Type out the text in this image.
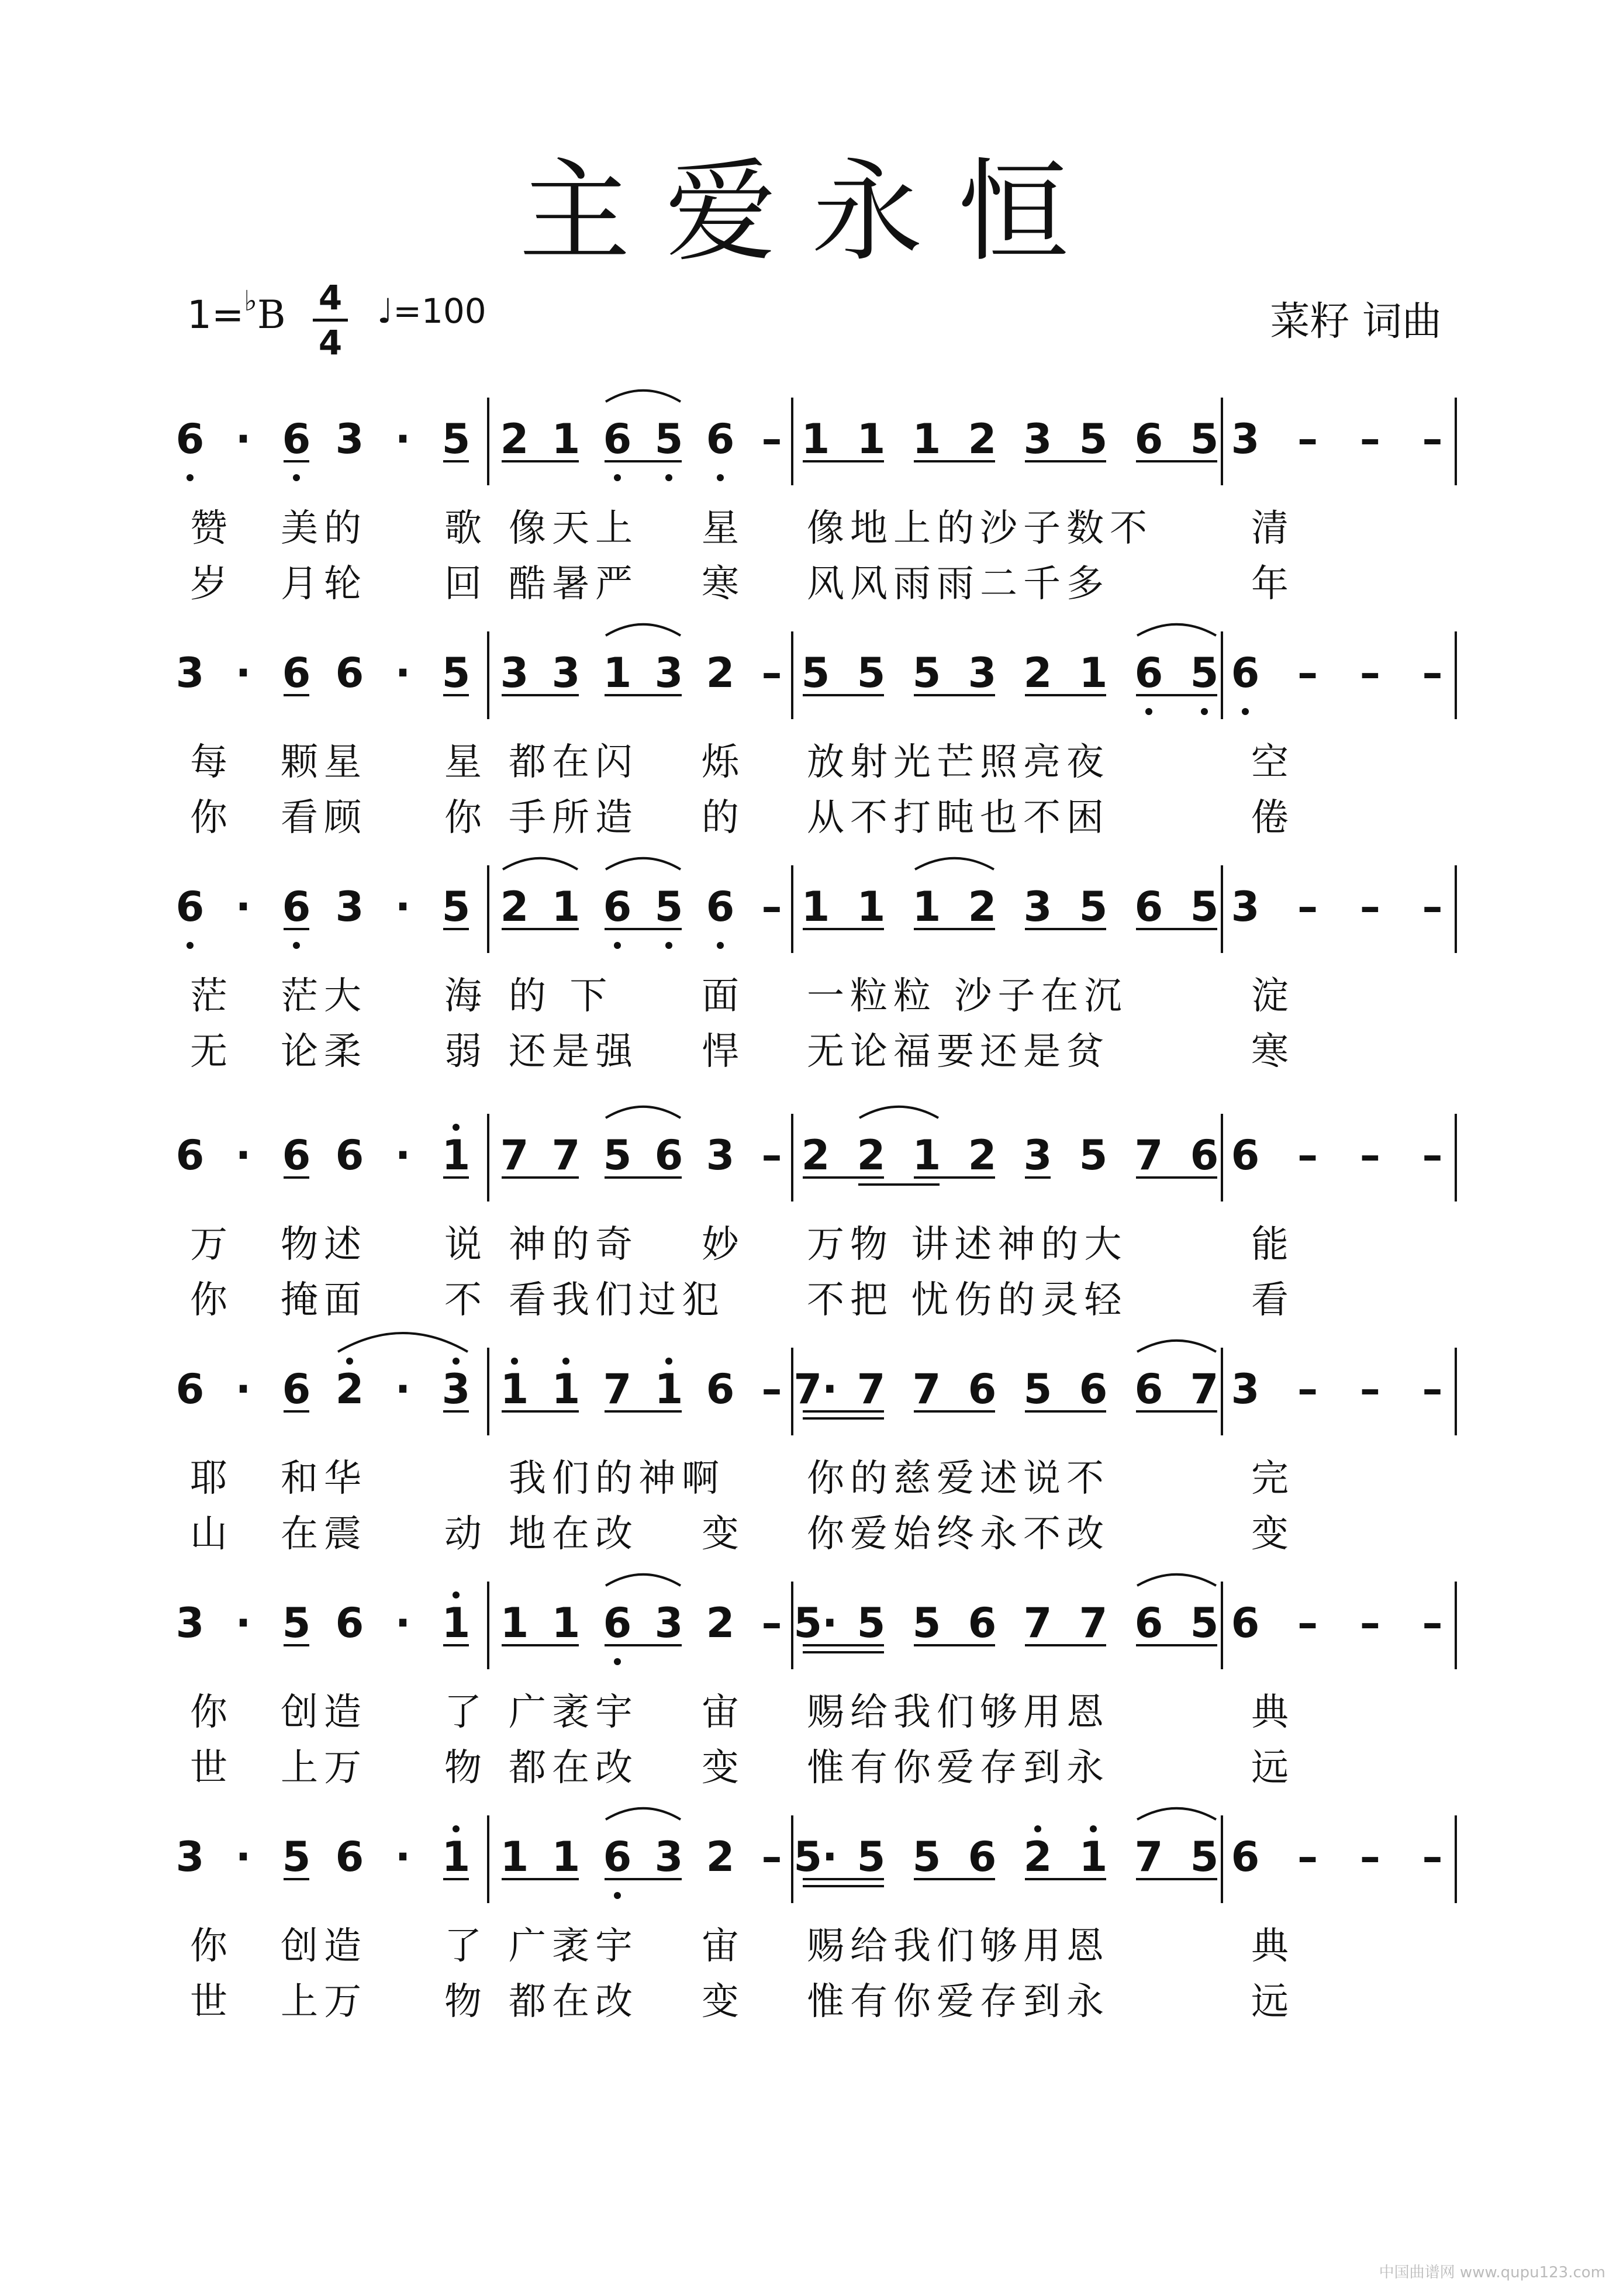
主爱永恒
1=♭B 4
4
♩=100	菜籽 词曲
6 · 6 3 · 5 2 1 6 5 6 – 1 1 1 2 3 5 6 5 3 – – –
赞 美的 歌 像天上 星 像地上的沙子数不	清
岁 月轮 回 酷暑严 寒 风风雨雨二千多	年
3 · 6 6 · 5 3 3 1 3 2 – 5 5 5 3 2 1 6 5 6 – – –
每 颗星 星 都在闪 烁 放射光芒照亮夜	空
你 看顾 你 手所造 的 从不打盹也不困	倦
6 · 6 3 · 5 2 1 6 5 6 – 1 1 1 2 3 5 6 5 3 – – –
茫 茫大 海 的 下 面 一粒粒 沙子在沉	淀
无 论柔 弱 还是强 悍 无论福要还是贫	寒
6 · 6 6 · 1 7 7 5 6 3 – 2 2 1 2 3 5 7 6 6 – – –
万 物述 说 神的奇 妙 万物 讲述神的大	能
你 掩面 不 看我们过犯 不把 忧伤的灵轻	看
6 · 6 2 · 3 1 1 7 1 6 – 7· 7 7 6 5 6 6 7 3 – – –
耶 和华	我们的神啊 你的慈爱述说不	完
山 在震 动 地在改 变 你爱始终永不改	变
3 · 5 6 · 1 1 1 6 3 2 – 5· 5 5 6 7 7 6 5 6 – – –
你 创造 了 广袤宇 宙 赐给我们够用恩	典
世 上万 物 都在改 变 惟有你爱存到永	远
3 · 5 6 · 1 1 1 6 3 2 – 5· 5 5 6 2 1 7 5 6 – – –
你 创造 了 广袤宇 宙 赐给我们够用恩	典
世 上万 物 都在改 变 惟有你爱存到永	远
中国曲谱网 www.qupu123.com
